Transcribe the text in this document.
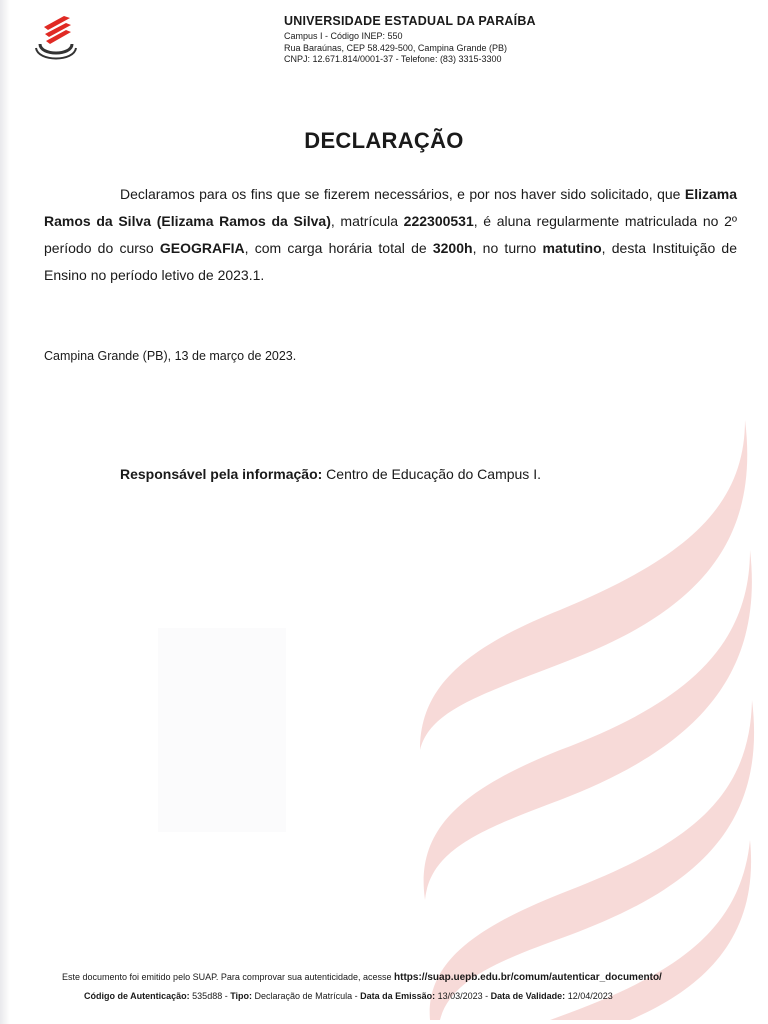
UNIVERSIDADE ESTADUAL DA PARAÍBA
Campus I - Código INEP: 550
Rua Baraúnas, CEP 58.429-500, Campina Grande (PB)
CNPJ: 12.671.814/0001-37 - Telefone: (83) 3315-3300
DECLARAÇÃO
Declaramos para os fins que se fizerem necessários, e por nos haver sido solicitado, que Elizama Ramos da Silva (Elizama Ramos da Silva), matrícula 222300531, é aluna regularmente matriculada no 2º período do curso GEOGRAFIA, com carga horária total de 3200h, no turno matutino, desta Instituição de Ensino no período letivo de 2023.1.
Campina Grande (PB), 13 de março de 2023.
Responsável pela informação: Centro de Educação do Campus I.
Este documento foi emitido pelo SUAP. Para comprovar sua autenticidade, acesse https://suap.uepb.edu.br/comum/autenticar_documento/
Código de Autenticação: 535d88 - Tipo: Declaração de Matrícula - Data da Emissão: 13/03/2023 - Data de Validade: 12/04/2023
